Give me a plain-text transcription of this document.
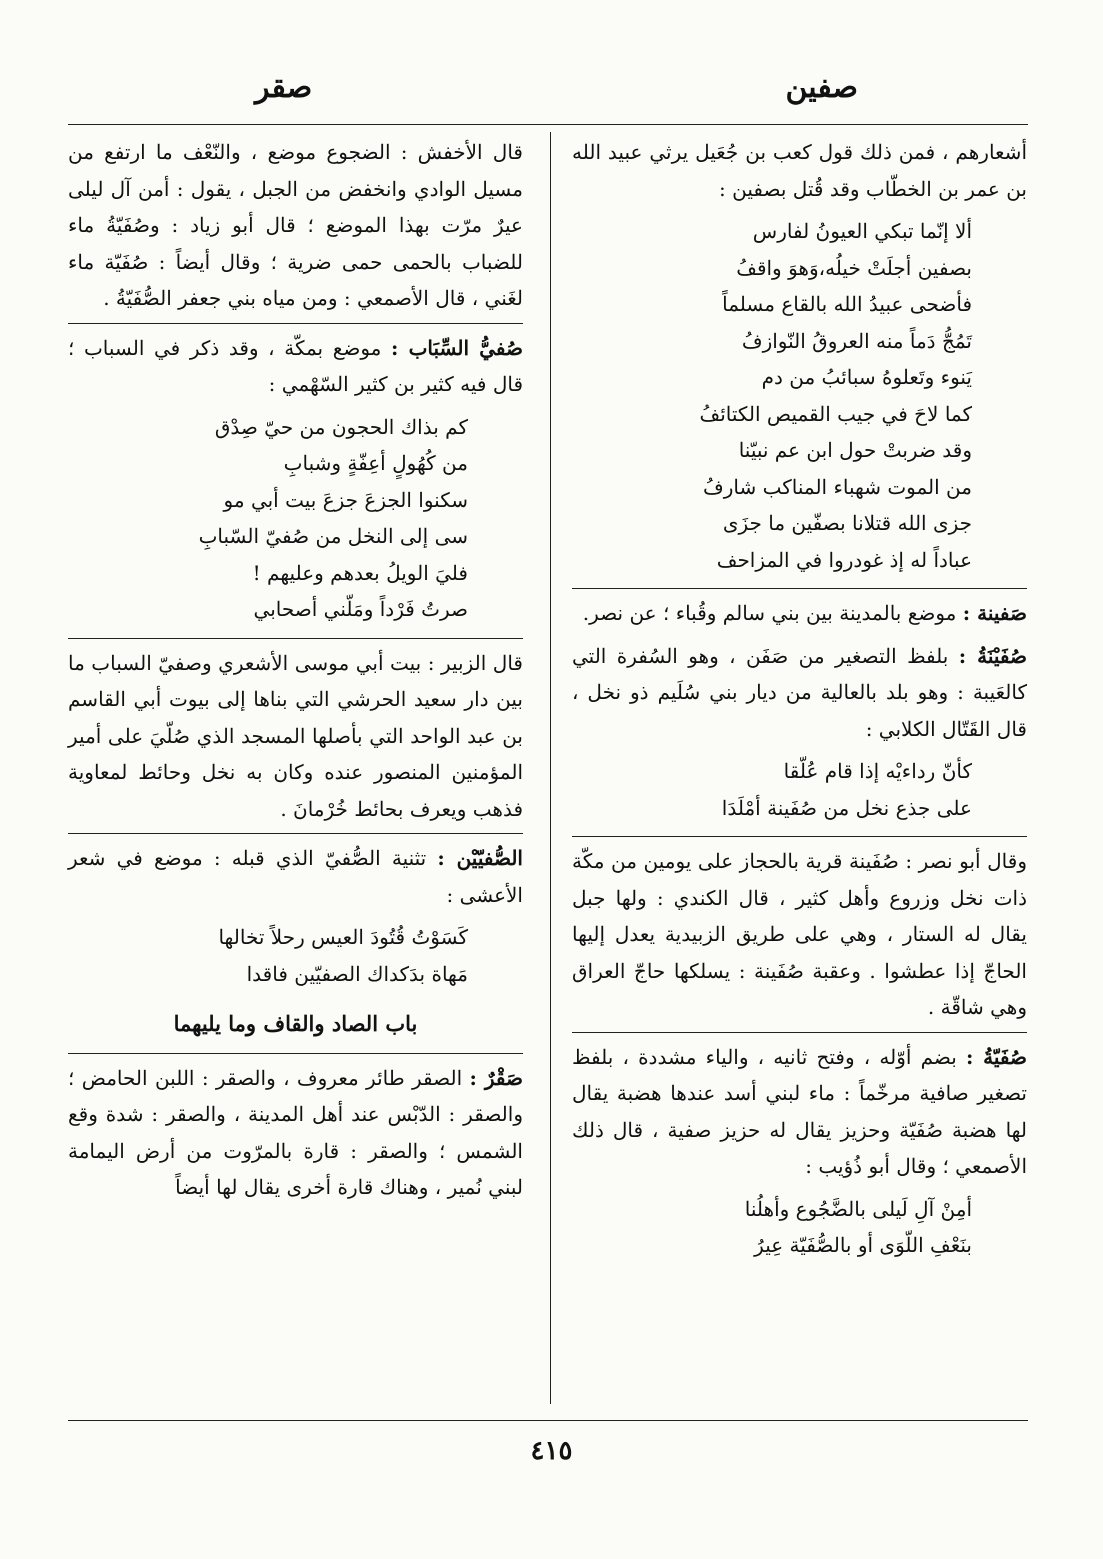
صفين
صقر

أشعارهم ، فمن ذلك قول كعب بن جُعَيل يرثي عبيد الله بن عمر بن الخطّاب وقد قُتل بصفين :

ألا إنّما تبكي العيونُ لفارس
بصفين أجلَتْ خيلُه،وَهوَ واقفُ
فأضحى عبيدُ الله بالقاع مسلماً
تَمُجُّ دَماً منه العروقُ النّوازفُ
يَنوء وتَعلوهُ سبائبُ من دم
كما لاحَ في جيب القميص الكتائفُ
وقد ضربتْ حول ابن عم نبيّنا
من الموت شهباء المناكب شارفُ
جزى الله قتلانا بصفّين ما جزَى
عباداً له إذ غودروا في المزاحف

صَفينة : موضع بالمدينة بين بني سالم وقُباء ؛ عن نصر.

صُفَيْنَةُ : بلفظ التصغير من صَفَن ، وهو السُفرة التي كالعَيبة : وهو بلد بالعالية من ديار بني سُلَيم ذو نخل ، قال القَتّال الكلابي :

كأنّ رداءيْه إذا قام عُلّقا
على جذع نخل من صُفَينة أمْلَدَا

وقال أبو نصر : صُفَينة قرية بالحجاز على يومين من مكّة ذات نخل وزروع وأهل كثير ، قال الكندي : ولها جبل يقال له الستار ، وهي على طريق الزبيدية يعدل إليها الحاجّ إذا عطشوا . وعقبة صُفَينة : يسلكها حاجّ العراق وهي شاقّة .

صُفَيّةُ : بضم أوّله ، وفتح ثانيه ، والياء مشددة ، بلفظ تصغير صافية مرخّماً : ماء لبني أسد عندها هضبة يقال لها هضبة صُفَيّة وحزيز يقال له حزيز صفية ، قال ذلك الأصمعي ؛ وقال أبو ذُؤيب :

أمِنْ آلِ لَيلى بالضَّجُوع وأهلُنا
بنَعْفِ اللّوَى أو بالصُّفَيّة عِيرُ

قال الأخفش : الضجوع موضع ، والنّعْف ما ارتفع من مسيل الوادي وانخفض من الجبل ، يقول : أمن آل ليلى عيرٌ مرّت بهذا الموضع ؛ قال أبو زياد : وصُفَيّةُ ماء للضباب بالحمى حمى ضرية ؛ وقال أيضاً : صُفَيّة ماء لغَني ، قال الأصمعي : ومن مياه بني جعفر الصُّفَيّةُ .

صُفيُّ السِّبَاب : موضع بمكّة ، وقد ذكر في السباب ؛ قال فيه كثير بن كثير السّهْمي :

كم بذاك الحجون من حيّ صِدْق
من كُهُولٍ أعِفّةٍ وشبابِ
سكنوا الجزعَ جزعَ بيت أبي مو
سى إلى النخل من صُفيّ السّبابِ
فليَ الويلُ بعدهم وعليهم !
صرتُ فَرْداً ومَلّني أصحابي

قال الزبير : بيت أبي موسى الأشعري وصفيّ السباب ما بين دار سعيد الحرشي التي بناها إلى بيوت أبي القاسم بن عبد الواحد التي بأصلها المسجد الذي صُلّيَ على أمير المؤمنين المنصور عنده وكان به نخل وحائط لمعاوية فذهب ويعرف بحائط خُرْمانَ .

الصُّفيّيْن : تثنية الصُّفيّ الذي قبله : موضع في شعر الأعشى :

كَسَوْتُ قُتُودَ العيس رحلاً تخالها
مَهاة بدَكداك الصفيّين فاقدا
باب الصاد والقاف وما يليهما

صَقْرٌ : الصقر طائر معروف ، والصقر : اللبن الحامض ؛ والصقر : الدّبْس عند أهل المدينة ، والصقر : شدة وقع الشمس ؛ والصقر : قارة بالمرّوت من أرض اليمامة لبني نُمير ، وهناك قارة أخرى يقال لها أيضاً

٤١٥
